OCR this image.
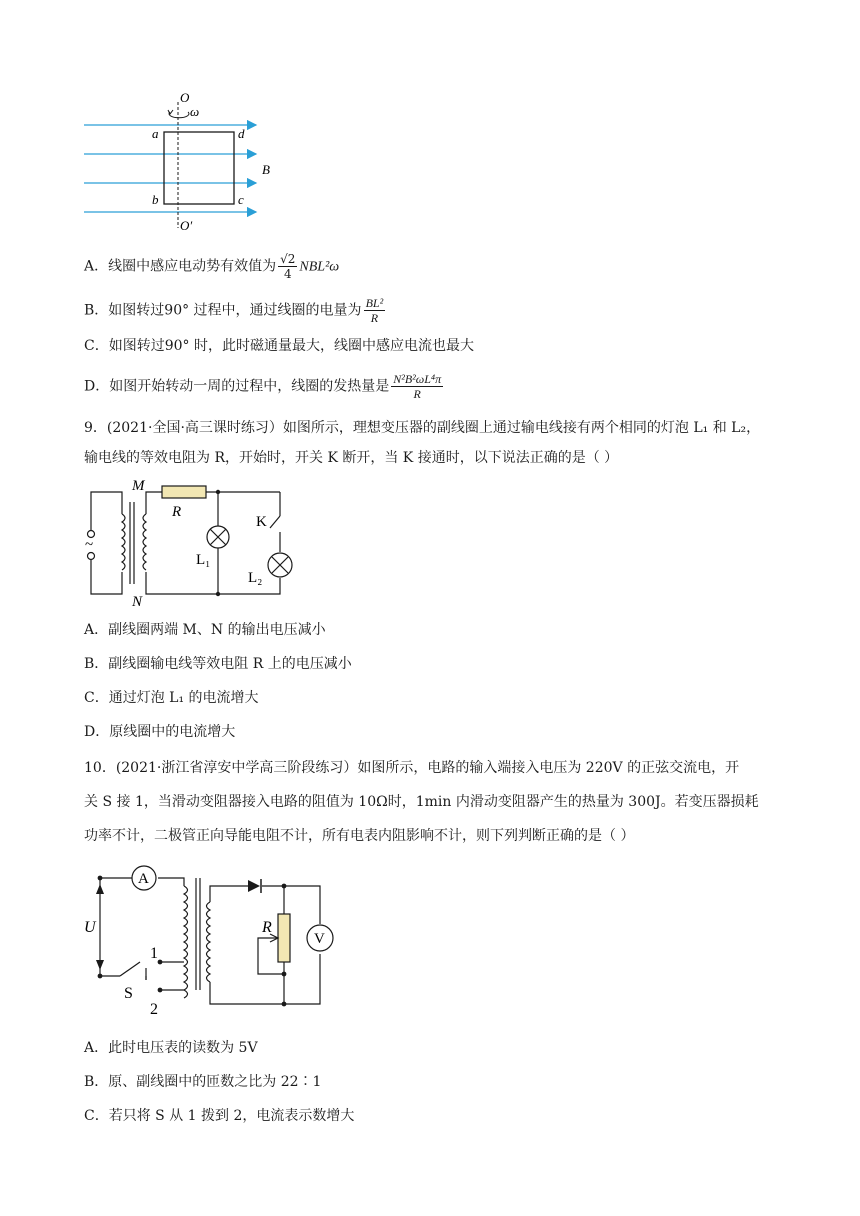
O
ω
a	d
B
b	c
O′
A．线圈中感应电动势有效值为 $\frac{√2}{4} NBL^2\omega$
B．如图转过90° 过程中，通过线圈的电量为 $\frac{\text{BL²}}{R}$
C．如图转过90° 时，此时磁通量最大，线圈中感应电流也最大
D．如图开始转动一周的过程中，线圈的发热量是 $\frac{\text{N²B²ωL⁴π}}{R}$
9．(2021·全国·高三课时练习）如图所示，理想变压器的副线圈上通过输电线接有两个相同的灯泡 L₁ 和 L₂，
输电线的等效电阻为 R，开始时，开关 K 断开，当 K 接通时，以下说法正确的是（ ）
M
N
R
K
L₁
L₂
~
A．副线圈两端 M、N 的输出电压减小
B．副线圈输电线等效电阻 R 上的电压减小
C．通过灯泡 L₁ 的电流增大
D．原线圈中的电流增大
10．(2021·浙江省淳安中学高三阶段练习）如图所示，电路的输入端接入电压为 220V 的正弦交流电，开
关 S 接 1，当滑动变阻器接入电路的阻值为 10Ω时，1min 内滑动变阻器产生的热量为 300J。若变压器损耗
功率不计，二极管正向导能电阻不计，所有电表内阻影响不计，则下列判断正确的是（ ）
A
V
U	R
S
1
2
A．此时电压表的读数为 5V
B．原、副线圈中的匝数之比为 22∶1
C．若只将 S 从 1 拨到 2，电流表示数增大
